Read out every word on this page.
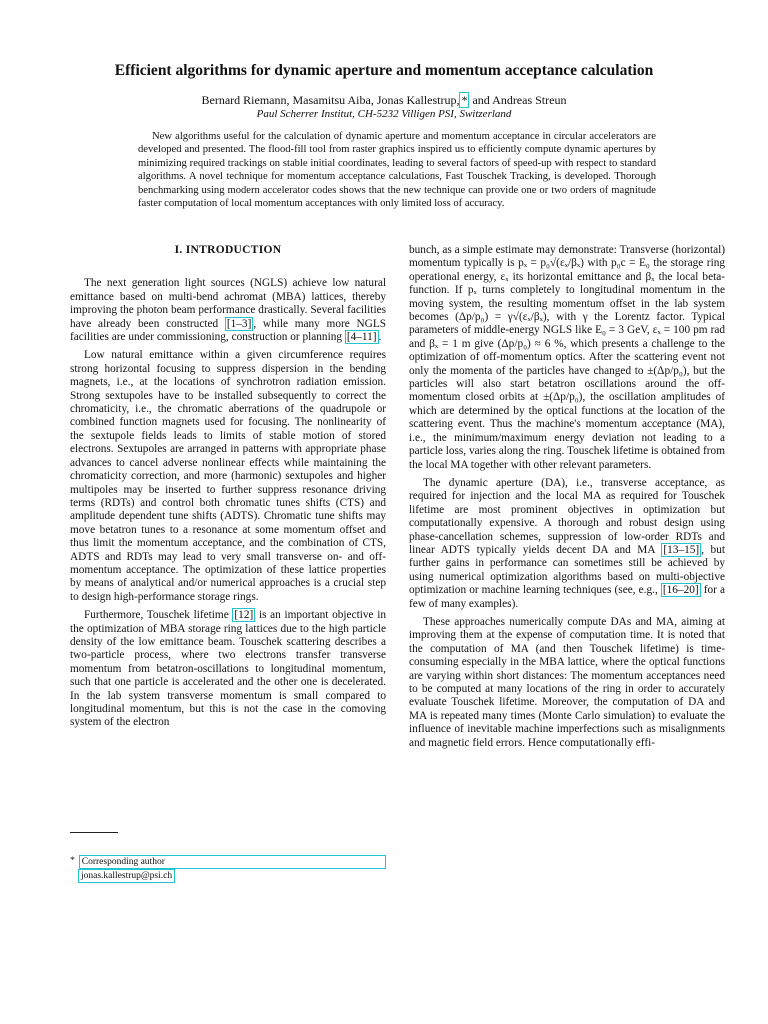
Efficient algorithms for dynamic aperture and momentum acceptance calculation
Bernard Riemann, Masamitsu Aiba, Jonas Kallestrup, * and Andreas Streun
Paul Scherrer Institut, CH-5232 Villigen PSI, Switzerland
New algorithms useful for the calculation of dynamic aperture and momentum acceptance in circular accelerators are developed and presented. The flood-fill tool from raster graphics inspired us to efficiently compute dynamic apertures by minimizing required trackings on stable initial coordinates, leading to several factors of speed-up with respect to standard algorithms. A novel technique for momentum acceptance calculations, Fast Touschek Tracking, is developed. Thorough benchmarking using modern accelerator codes shows that the new technique can provide one or two orders of magnitude faster computation of local momentum acceptances with only limited loss of accuracy.
I. INTRODUCTION

The next generation light sources (NGLS) achieve low natural emittance based on multi-bend achromat (MBA) lattices, thereby improving the photon beam performance drastically. Several facilities have already been constructed [1–3] , while many more NGLS facilities are under commissioning, construction or planning [4–11] .

Low natural emittance within a given circumference requires strong horizontal focusing to suppress dispersion in the bending magnets, i.e., at the locations of synchrotron radiation emission. Strong sextupoles have to be installed subsequently to correct the chromaticity, i.e., the chromatic aberrations of the quadrupole or combined function magnets used for focusing. The nonlinearity of the sextupole fields leads to limits of stable motion of stored electrons. Sextupoles are arranged in patterns with appropriate phase advances to cancel adverse nonlinear effects while maintaining the chromaticity correction, and more (harmonic) sextupoles and higher multipoles may be inserted to further suppress resonance driving terms (RDTs) and control both chromatic tunes shifts (CTS) and amplitude dependent tune shifts (ADTS). Chromatic tune shifts may move betatron tunes to a resonance at some momentum offset and thus limit the momentum acceptance, and the combination of CTS, ADTS and RDTs may lead to very small transverse on- and off-momentum acceptance. The optimization of these lattice properties by means of analytical and/or numerical approaches is a crucial step to design high-performance storage rings.

Furthermore, Touschek lifetime [12] is an important objective in the optimization of MBA storage ring lattices due to the high particle density of the low emittance beam. Touschek scattering describes a two-particle process, where two electrons transfer transverse momentum from betatron-oscillations to longitudinal momentum, such that one particle is accelerated and the other one is decelerated. In the lab system transverse momentum is small compared to longitudinal momentum, but this is not the case in the comoving system of the electron

bunch, as a simple estimate may demonstrate: Transverse (horizontal) momentum typically is pₓ = p₀√(εₓ/βₓ) with p₀c = E₀ the storage ring operational energy, εₓ its horizontal emittance and βₓ the local beta-function. If pₓ turns completely to longitudinal momentum in the moving system, the resulting momentum offset in the lab system becomes (Δp/p₀) = γ√(εₓ/βₓ), with γ the Lorentz factor. Typical parameters of middle-energy NGLS like E₀ = 3 GeV, εₓ = 100 pm rad and βₓ = 1 m give (Δp/p₀) ≈ 6 %, which presents a challenge to the optimization of off-momentum optics. After the scattering event not only the momenta of the particles have changed to ±(Δp/p₀), but the particles will also start betatron oscillations around the off-momentum closed orbits at ±(Δp/p₀), the oscillation amplitudes of which are determined by the optical functions at the location of the scattering event. Thus the machine's momentum acceptance (MA), i.e., the minimum/maximum energy deviation not leading to a particle loss, varies along the ring. Touschek lifetime is obtained from the local MA together with other relevant parameters.

The dynamic aperture (DA), i.e., transverse acceptance, as required for injection and the local MA as required for Touschek lifetime are most prominent objectives in optimization but computationally expensive. A thorough and robust design using phase-cancellation schemes, suppression of low-order RDTs and linear ADTS typically yields decent DA and MA [13–15] , but further gains in performance can sometimes still be achieved by using numerical optimization algorithms based on multi-objective optimization or machine learning techniques (see, e.g., [16–20] for a few of many examples).

These approaches numerically compute DAs and MA, aiming at improving them at the expense of computation time. It is noted that the computation of MA (and then Touschek lifetime) is time-consuming especially in the MBA lattice, where the optical functions are varying within short distances: The momentum acceptances need to be computed at many locations of the ring in order to accurately evaluate Touschek lifetime. Moreover, the computation of DA and MA is repeated many times (Monte Carlo simulation) to evaluate the influence of inevitable machine imperfections such as misalignments and magnetic field errors. Hence computationally effi-

* Corresponding author
jonas.kallestrup@psi.ch
